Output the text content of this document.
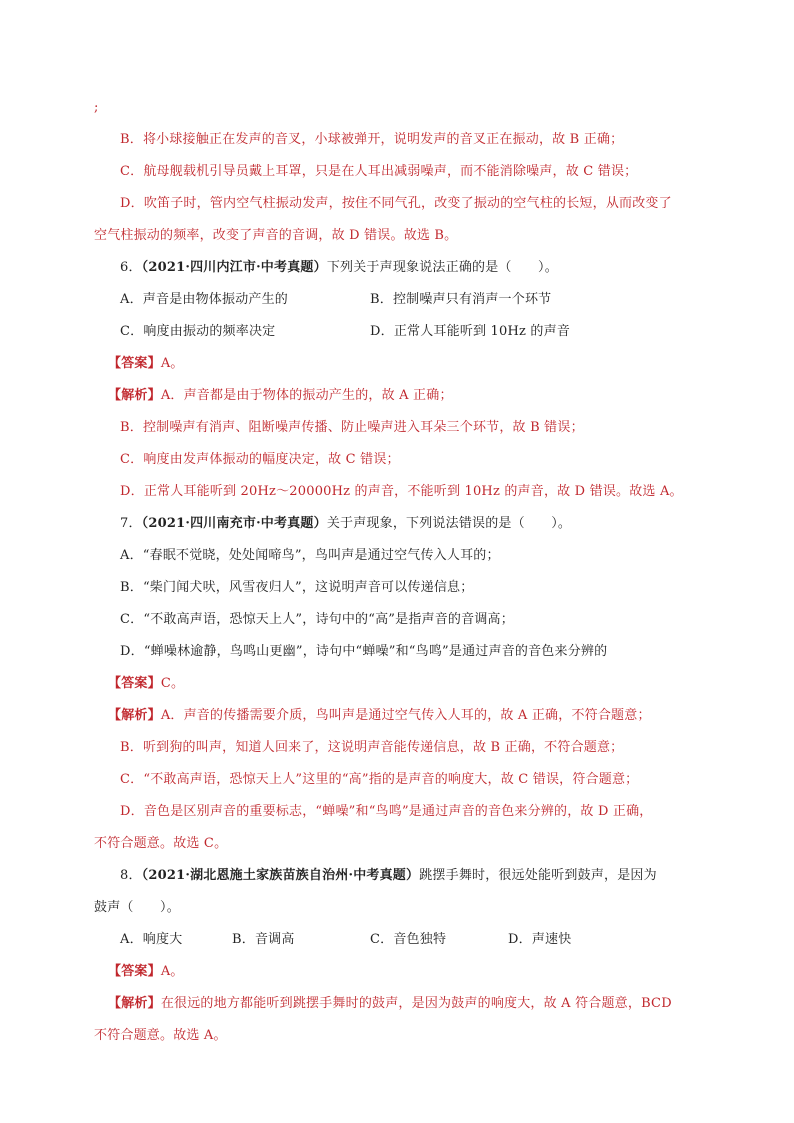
;
B．将小球接触正在发声的音叉，小球被弹开，说明发声的音叉正在振动，故 B 正确；
C．航母舰载机引导员戴上耳罩，只是在人耳出减弱噪声，而不能消除噪声，故 C 错误；
D．吹笛子时，管内空气柱振动发声，按住不同气孔，改变了振动的空气柱的长短，从而改变了
空气柱振动的频率，改变了声音的音调，故 D 错误。故选 B。
6．（2021·四川内江市·中考真题）下列关于声现象说法正确的是（　　）。
A．声音是由物体振动产生的	B．控制噪声只有消声一个环节
C．响度由振动的频率决定	D．正常人耳能听到 10Hz 的声音
【答案】A。
【解析】A．声音都是由于物体的振动产生的，故 A 正确；
B．控制噪声有消声、阻断噪声传播、防止噪声进入耳朵三个环节，故 B 错误；
C．响度由发声体振动的幅度决定，故 C 错误；
D．正常人耳能听到 20Hz～20000Hz 的声音，不能听到 10Hz 的声音，故 D 错误。故选 A。
7．（2021·四川南充市·中考真题）关于声现象，下列说法错误的是（　　）。
A．“春眠不觉晓，处处闻啼鸟”，鸟叫声是通过空气传入人耳的；
B．“柴门闻犬吠，风雪夜归人”，这说明声音可以传递信息；
C．“不敢高声语，恐惊天上人”，诗句中的“高”是指声音的音调高；
D．“蝉噪林逾静，鸟鸣山更幽”，诗句中“蝉噪”和“鸟鸣”是通过声音的音色来分辨的
【答案】C。
【解析】A．声音的传播需要介质，鸟叫声是通过空气传入人耳的，故 A 正确，不符合题意；
B．听到狗的叫声，知道人回来了，这说明声音能传递信息，故 B 正确，不符合题意；
C．“不敢高声语，恐惊天上人”这里的“高”指的是声音的响度大，故 C 错误，符合题意；
D．音色是区别声音的重要标志，“蝉噪”和“鸟鸣”是通过声音的音色来分辨的，故 D 正确，
不符合题意。故选 C。
8．（2021·湖北恩施土家族苗族自治州·中考真题）跳摆手舞时，很远处能听到鼓声，是因为
鼓声（　　）。
A．响度大	B．音调高	C．音色独特	D．声速快
【答案】A。
【解析】在很远的地方都能听到跳摆手舞时的鼓声，是因为鼓声的响度大，故 A 符合题意，BCD
不符合题意。故选 A。
